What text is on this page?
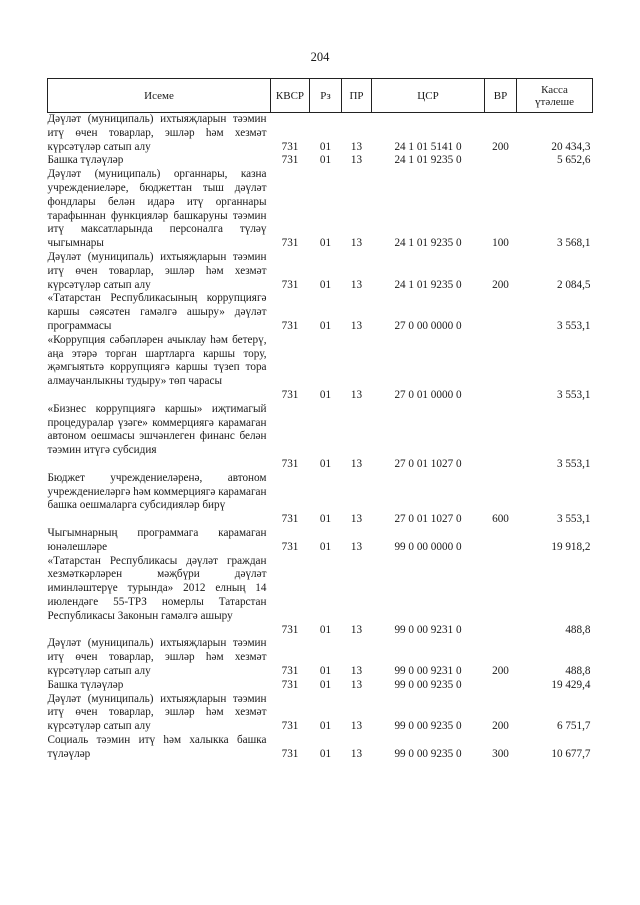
204
Исеме	КВСР	Рз	ПР	ЦСР	ВР	Касса
үтәлеше
Дәүләт (муниципаль) ихтыяҗларын тәэмин итү өчен товарлар, эшләр һәм хезмәт күрсәтүләр сатып алу	731	01	13	24 1 01 5141 0	200	20 434,3
Башка түләүләр	731	01	13	24 1 01 9235 0		5 652,6
Дәүләт (муниципаль) органнары, казна учреждениеләре, бюджеттан тыш дәүләт фондлары белән идарә итү органнары тарафыннан функцияләр башкаруны тәэмин итү максатларында персоналга түләү чыгымнары	731	01	13	24 1 01 9235 0	100	3 568,1
Дәүләт (муниципаль) ихтыяҗларын тәэмин итү өчен товарлар, эшләр һәм хезмәт күрсәтүләр сатып алу	731	01	13	24 1 01 9235 0	200	2 084,5
«Татарстан Республикасының коррупциягә каршы сәясәтен гамәлгә ашыру» дәүләт программасы	731	01	13	27 0 00 0000 0		3 553,1
«Коррупция сәбәпләрен ачыклау һәм бетерү, аңа этәрә торган шартларга каршы тору, җәмгыятьтә коррупциягә каршы түзеп тора алмаучанлыкны тудыру» төп чарасы	731	01	13	27 0 01 0000 0		3 553,1
«Бизнес коррупциягә каршы» иҗтимагый процедуралар үзәге» коммерциягә карамаган автоном оешмасы эшчәнлеген финанс белән тәэмин итүгә субсидия	731	01	13	27 0 01 1027 0		3 553,1
Бюджет учреждениеләренә, автоном учреждениеләргә һәм коммерциягә карамаган башка оешмаларга субсидияләр бирү	731	01	13	27 0 01 1027 0	600	3 553,1
Чыгымнарның программага карамаган юнәлешләре	731	01	13	99 0 00 0000 0		19 918,2
«Татарстан Республикасы дәүләт граждан хезмәткәрләрен мәҗбүри дәүләт иминләштерүе турында» 2012 елның 14 июлендәге 55-ТРЗ номерлы Татарстан Республикасы Законын гамәлгә ашыру	731	01	13	99 0 00 9231 0		488,8
Дәүләт (муниципаль) ихтыяҗларын тәэмин итү өчен товарлар, эшләр һәм хезмәт күрсәтүләр сатып алу	731	01	13	99 0 00 9231 0	200	488,8
Башка түләүләр	731	01	13	99 0 00 9235 0		19 429,4
Дәүләт (муниципаль) ихтыяҗларын тәэмин итү өчен товарлар, эшләр һәм хезмәт күрсәтүләр сатып алу	731	01	13	99 0 00 9235 0	200	6 751,7
Социаль тәэмин итү һәм халыкка башка түләүләр	731	01	13	99 0 00 9235 0	300	10 677,7
